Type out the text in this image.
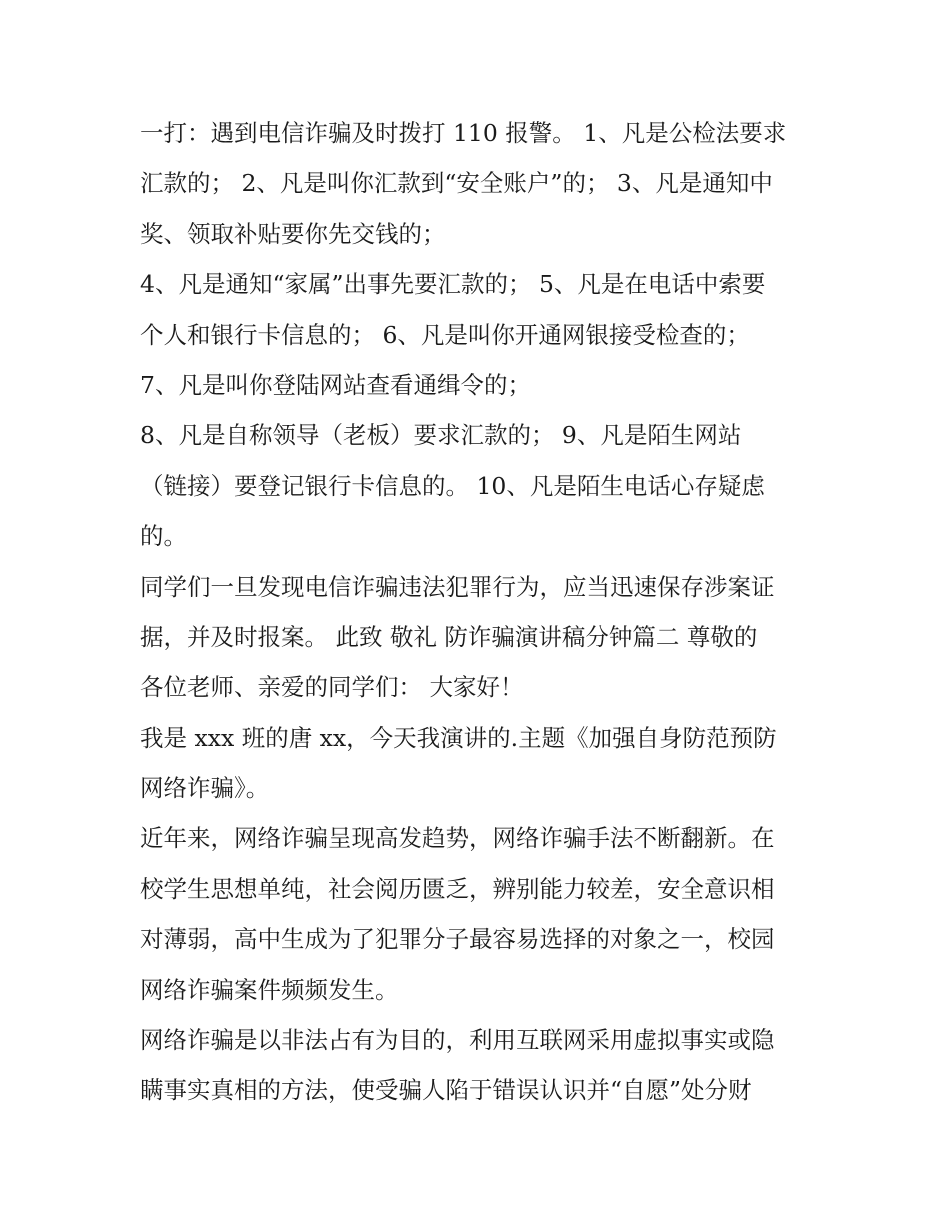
一打：遇到电信诈骗及时拨打 110 报警。 1、凡是公检法要求
汇款的； 2、凡是叫你汇款到“安全账户”的； 3、凡是通知中
奖、领取补贴要你先交钱的；
4、凡是通知“家属”出事先要汇款的； 5、凡是在电话中索要
个人和银行卡信息的； 6、凡是叫你开通网银接受检查的；
7、凡是叫你登陆网站查看通缉令的；
8、凡是自称领导（老板）要求汇款的； 9、凡是陌生网站
（链接）要登记银行卡信息的。 10、凡是陌生电话心存疑虑
的。
同学们一旦发现电信诈骗违法犯罪行为，应当迅速保存涉案证
据，并及时报案。 此致 敬礼 防诈骗演讲稿分钟篇二 尊敬的
各位老师、亲爱的同学们： 大家好！
我是 xxx 班的唐 xx，今天我演讲的.主题《加强自身防范预防
网络诈骗》。
近年来，网络诈骗呈现高发趋势，网络诈骗手法不断翻新。在
校学生思想单纯，社会阅历匮乏，辨别能力较差，安全意识相
对薄弱，高中生成为了犯罪分子最容易选择的对象之一，校园
网络诈骗案件频频发生。
网络诈骗是以非法占有为目的，利用互联网采用虚拟事实或隐
瞒事实真相的方法，使受骗人陷于错误认识并“自愿”处分财
